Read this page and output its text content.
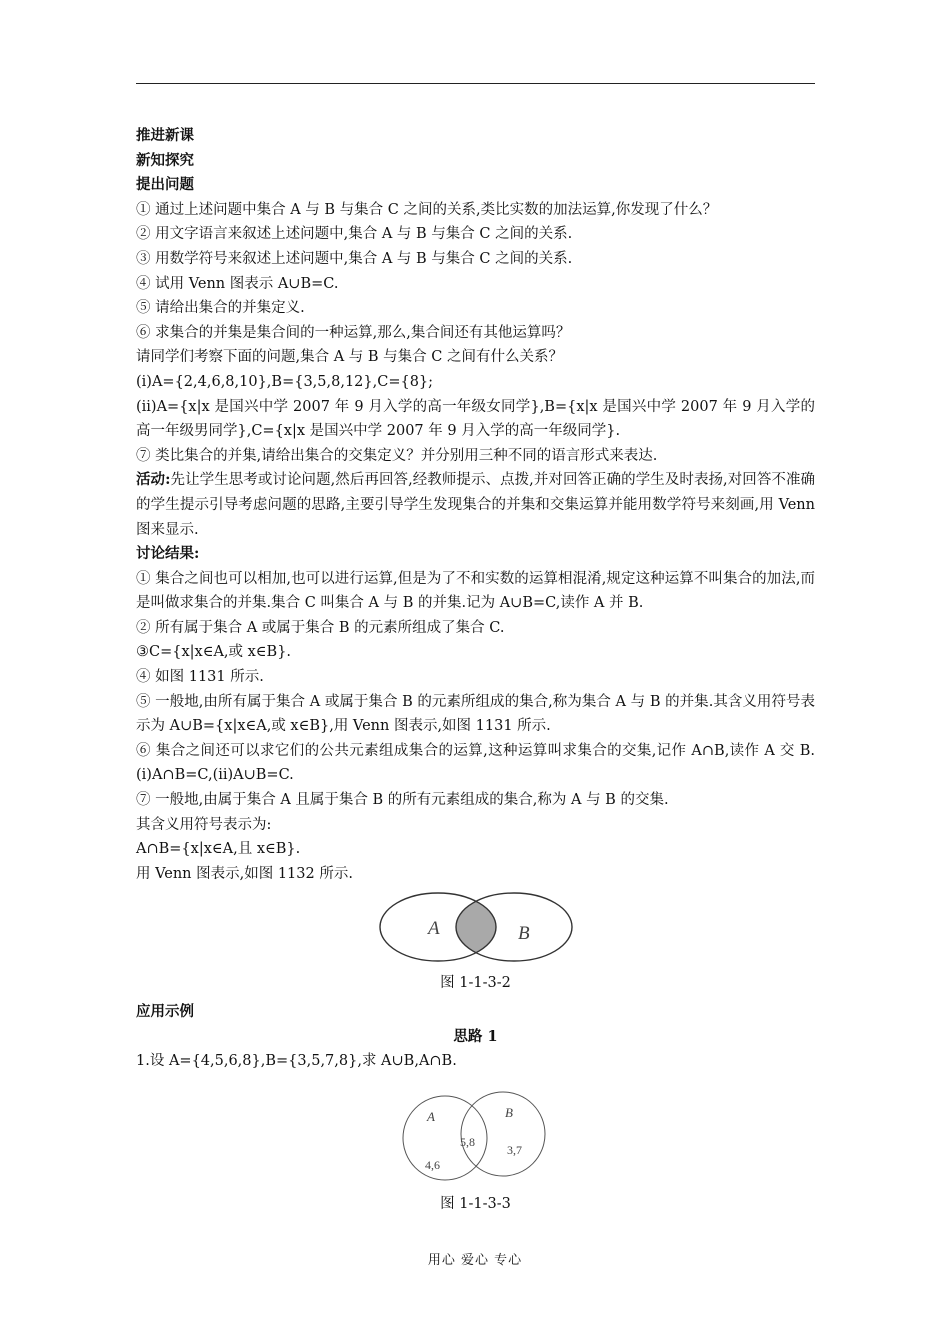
推进新课

新知探究

提出问题

① 通过上述问题中集合 A 与 B 与集合 C 之间的关系,类比实数的加法运算,你发现了什么？

② 用文字语言来叙述上述问题中,集合 A 与 B 与集合 C 之间的关系.

③ 用数学符号来叙述上述问题中,集合 A 与 B 与集合 C 之间的关系.

④ 试用 Venn 图表示 A∪B=C.

⑤ 请给出集合的并集定义.

⑥ 求集合的并集是集合间的一种运算,那么,集合间还有其他运算吗？

请同学们考察下面的问题,集合 A 与 B 与集合 C 之间有什么关系？

(i)A={2,4,6,8,10},B={3,5,8,12},C={8};

(ii)A={x|x 是国兴中学 2007 年 9 月入学的高一年级女同学},B={x|x 是国兴中学 2007 年 9 月入学的高一年级男同学},C={x|x 是国兴中学 2007 年 9 月入学的高一年级同学}.

⑦ 类比集合的并集,请给出集合的交集定义？并分别用三种不同的语言形式来表达.

活动:先让学生思考或讨论问题,然后再回答,经教师提示、点拨,并对回答正确的学生及时表扬,对回答不准确的学生提示引导考虑问题的思路,主要引导学生发现集合的并集和交集运算并能用数学符号来刻画,用 Venn 图来显示.

讨论结果:

① 集合之间也可以相加,也可以进行运算,但是为了不和实数的运算相混淆,规定这种运算不叫集合的加法,而是叫做求集合的并集.集合 C 叫集合 A 与 B 的并集.记为 A∪B=C,读作 A 并 B.

② 所有属于集合 A 或属于集合 B 的元素所组成了集合 C.

③C={x|x∈A,或 x∈B}.

④ 如图 1131 所示.

⑤ 一般地,由所有属于集合 A 或属于集合 B 的元素所组成的集合,称为集合 A 与 B 的并集.其含义用符号表示为 A∪B={x|x∈A,或 x∈B},用 Venn 图表示,如图 1131 所示.

⑥ 集合之间还可以求它们的公共元素组成集合的运算,这种运算叫求集合的交集,记作 A∩B,读作 A 交 B.(i)A∩B=C,(ii)A∪B=C.

⑦ 一般地,由属于集合 A 且属于集合 B 的所有元素组成的集合,称为 A 与 B 的交集.

其含义用符号表示为:

A∩B={x|x∈A,且 x∈B}.

用 Venn 图表示,如图 1132 所示.

A	B

图 1-1-3-2

应用示例

思路 1

1.设 A={4,5,6,8},B={3,5,7,8},求 A∪B,A∩B.

A	B
5,8
4,6
3,7

图 1-1-3-3

用心 爱心 专心
